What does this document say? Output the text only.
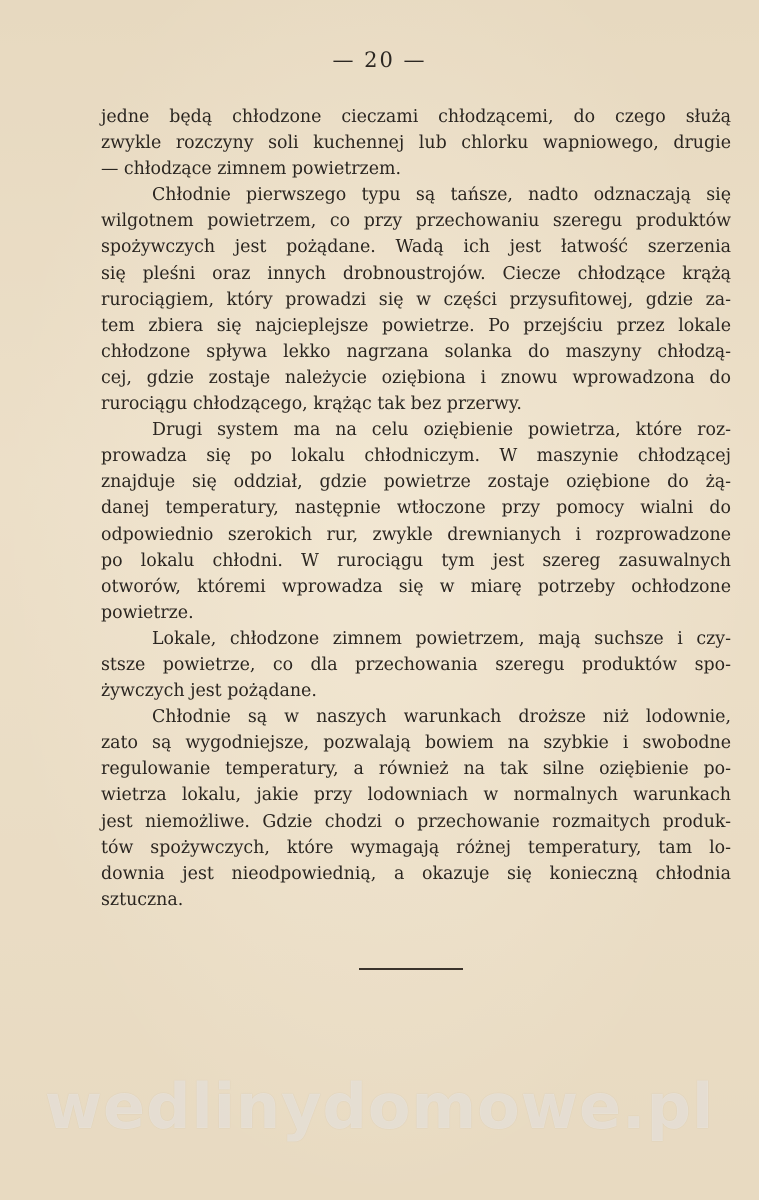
— 20 —
jedne będą chłodzone cieczami chłodzącemi, do czego służą
zwykle rozczyny soli kuchennej lub chlorku wapniowego, drugie
— chłodzące zimnem powietrzem.
Chłodnie pierwszego typu są tańsze, nadto odznaczają się
wilgotnem powietrzem, co przy przechowaniu szeregu produktów
spożywczych jest pożądane. Wadą ich jest łatwość szerzenia
się pleśni oraz innych drobnoustrojów. Ciecze chłodzące krążą
rurociągiem, który prowadzi się w części przysufitowej, gdzie za-
tem zbiera się najcieplejsze powietrze. Po przejściu przez lokale
chłodzone spływa lekko nagrzana solanka do maszyny chłodzą-
cej, gdzie zostaje należycie oziębiona i znowu wprowadzona do
rurociągu chłodzącego, krążąc tak bez przerwy.
Drugi system ma na celu oziębienie powietrza, które roz-
prowadza się po lokalu chłodniczym. W maszynie chłodzącej
znajduje się oddział, gdzie powietrze zostaje oziębione do żą-
danej temperatury, następnie wtłoczone przy pomocy wialni do
odpowiednio szerokich rur, zwykle drewnianych i rozprowadzone
po lokalu chłodni. W rurociągu tym jest szereg zasuwalnych
otworów, któremi wprowadza się w miarę potrzeby ochłodzone
powietrze.
Lokale, chłodzone zimnem powietrzem, mają suchsze i czy-
stsze powietrze, co dla przechowania szeregu produktów spo-
żywczych jest pożądane.
Chłodnie są w naszych warunkach droższe niż lodownie,
zato są wygodniejsze, pozwalają bowiem na szybkie i swobodne
regulowanie temperatury, a również na tak silne oziębienie po-
wietrza lokalu, jakie przy lodowniach w normalnych warunkach
jest niemożliwe. Gdzie chodzi o przechowanie rozmaitych produk-
tów spożywczych, które wymagają różnej temperatury, tam lo-
downia jest nieodpowiednią, a okazuje się konieczną chłodnia
sztuczna.
wedlinydomowe.pl
